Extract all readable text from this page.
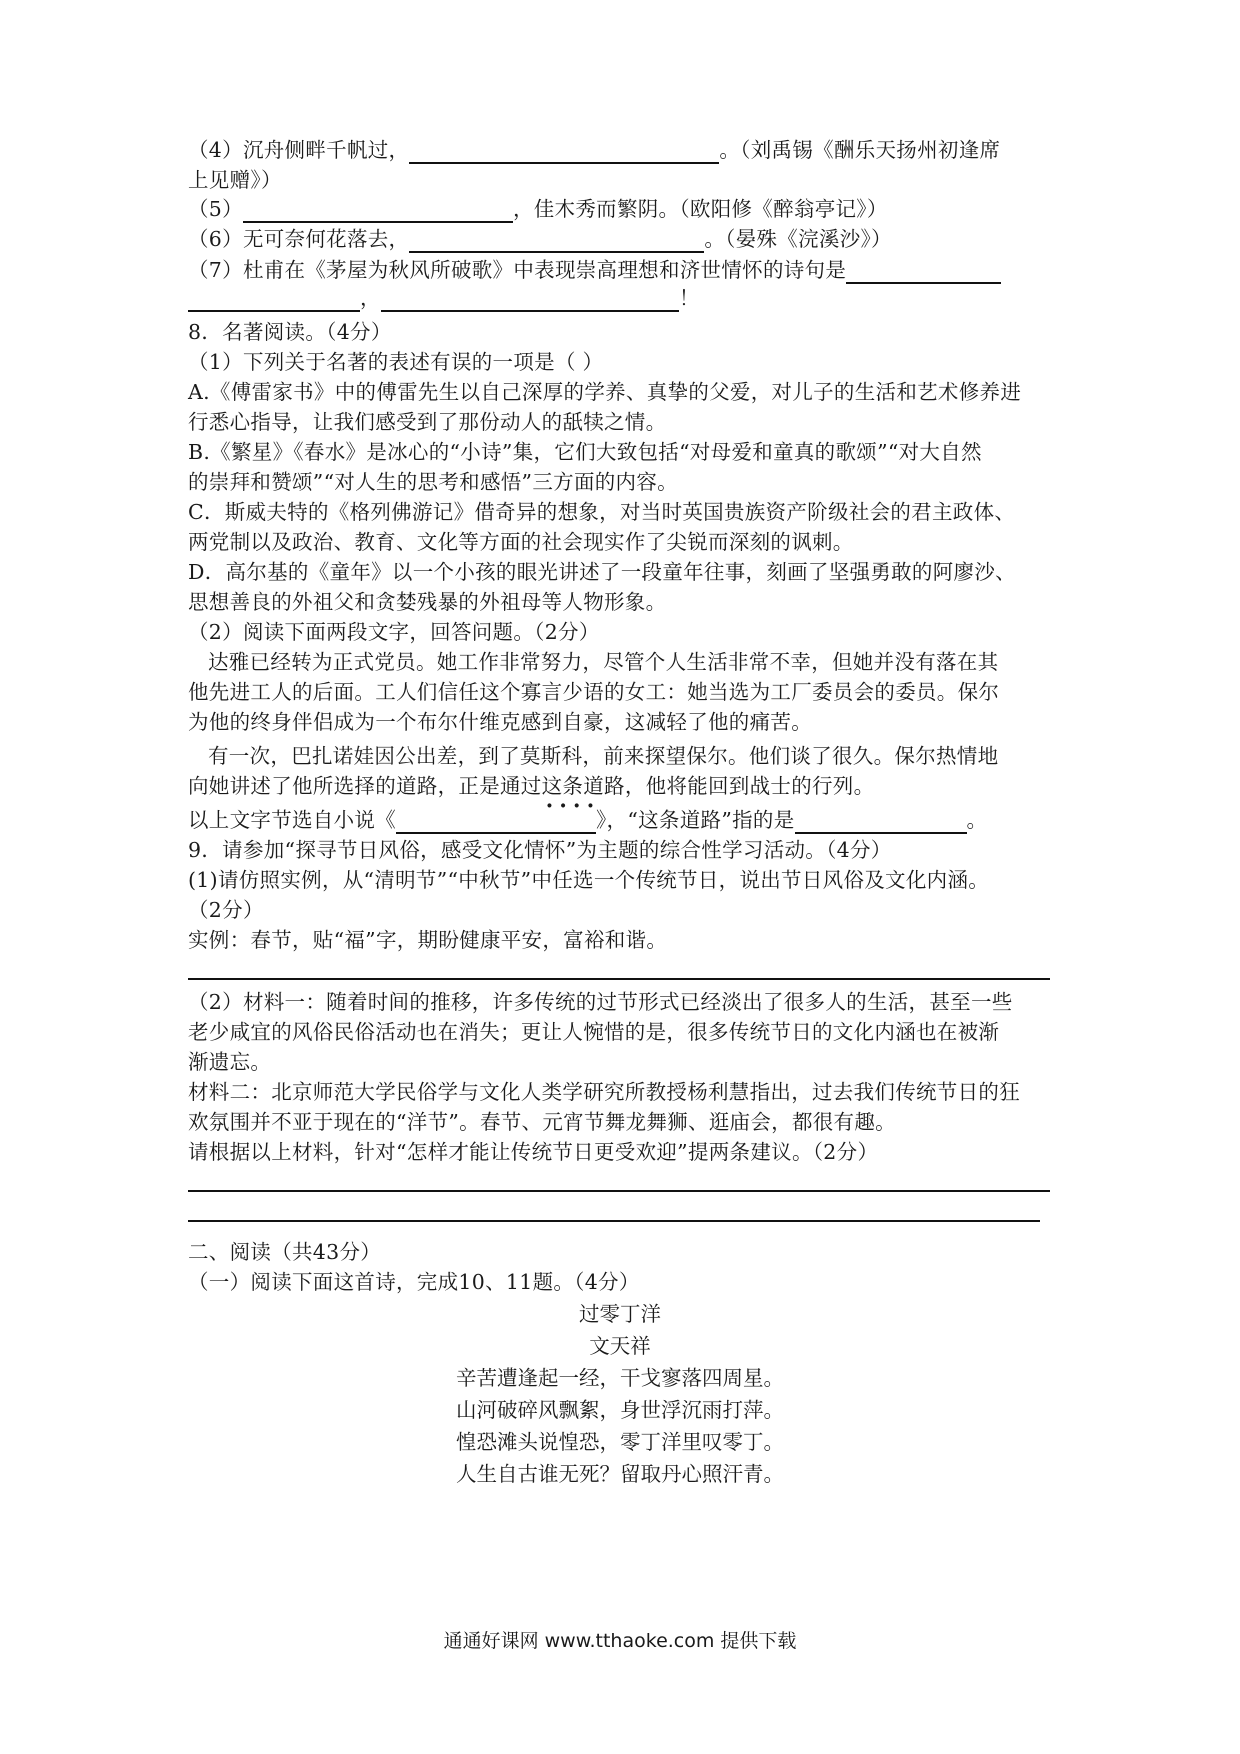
（4）沉舟侧畔千帆过，	。（刘禹锡《酬乐天扬州初逢席
上见赠》）
（5）	，佳木秀而繁阴。（欧阳修《醉翁亭记》）
（6）无可奈何花落去，	。（晏殊《浣溪沙》）
（7）杜甫在《茅屋为秋风所破歌》中表现崇高理想和济世情怀的诗句是
，	！
8．名著阅读。（4分）
（1）下列关于名著的表述有误的一项是（ ）
A.《傅雷家书》中的傅雷先生以自己深厚的学养、真挚的父爱，对儿子的生活和艺术修养进
行悉心指导，让我们感受到了那份动人的舐犊之情。
B.《繁星》《春水》是冰心的“小诗”集，它们大致包括“对母爱和童真的歌颂”“对大自然
的崇拜和赞颂”“对人生的思考和感悟”三方面的内容。
C．斯威夫特的《格列佛游记》借奇异的想象，对当时英国贵族资产阶级社会的君主政体、
两党制以及政治、教育、文化等方面的社会现实作了尖锐而深刻的讽刺。
D．高尔基的《童年》以一个小孩的眼光讲述了一段童年往事，刻画了坚强勇敢的阿廖沙、
思想善良的外祖父和贪婪残暴的外祖母等人物形象。
（2）阅读下面两段文字，回答问题。（2分）
达雅已经转为正式党员。她工作非常努力，尽管个人生活非常不幸，但她并没有落在其
他先进工人的后面。工人们信任这个寡言少语的女工：她当选为工厂委员会的委员。保尔
为他的终身伴侣成为一个布尔什维克感到自豪，这减轻了他的痛苦。
有一次，巴扎诺娃因公出差，到了莫斯科，前来探望保尔。他们谈了很久。保尔热情地
向她讲述了他所选择的道路，正是通过这条道路 ····，他将能回到战士的行列。
以上文字节选自小说《	》，“这条道路”指的是	。
9．请参加“探寻节日风俗，感受文化情怀”为主题的综合性学习活动。（4分）
(1)请仿照实例，从“清明节”“中秋节”中任选一个传统节日，说出节日风俗及文化内涵。
（2分）
实例：春节，贴“福”字，期盼健康平安，富裕和谐。
（2）材料一：随着时间的推移，许多传统的过节形式已经淡出了很多人的生活，甚至一些
老少咸宜的风俗民俗活动也在消失；更让人惋惜的是，很多传统节日的文化内涵也在被渐
渐遗忘。
材料二：北京师范大学民俗学与文化人类学研究所教授杨利慧指出，过去我们传统节日的狂
欢氛围并不亚于现在的“洋节”。春节、元宵节舞龙舞狮、逛庙会，都很有趣。
请根据以上材料，针对“怎样才能让传统节日更受欢迎”提两条建议。（2分）
二、阅读（共43分）
（一）阅读下面这首诗，完成10、11题。（4分）
过零丁洋
文天祥
辛苦遭逢起一经，干戈寥落四周星。
山河破碎风飘絮，身世浮沉雨打萍。
惶恐滩头说惶恐，零丁洋里叹零丁。
人生自古谁无死？留取丹心照汗青。
通通好课网 www.tthaoke.com 提供下载
